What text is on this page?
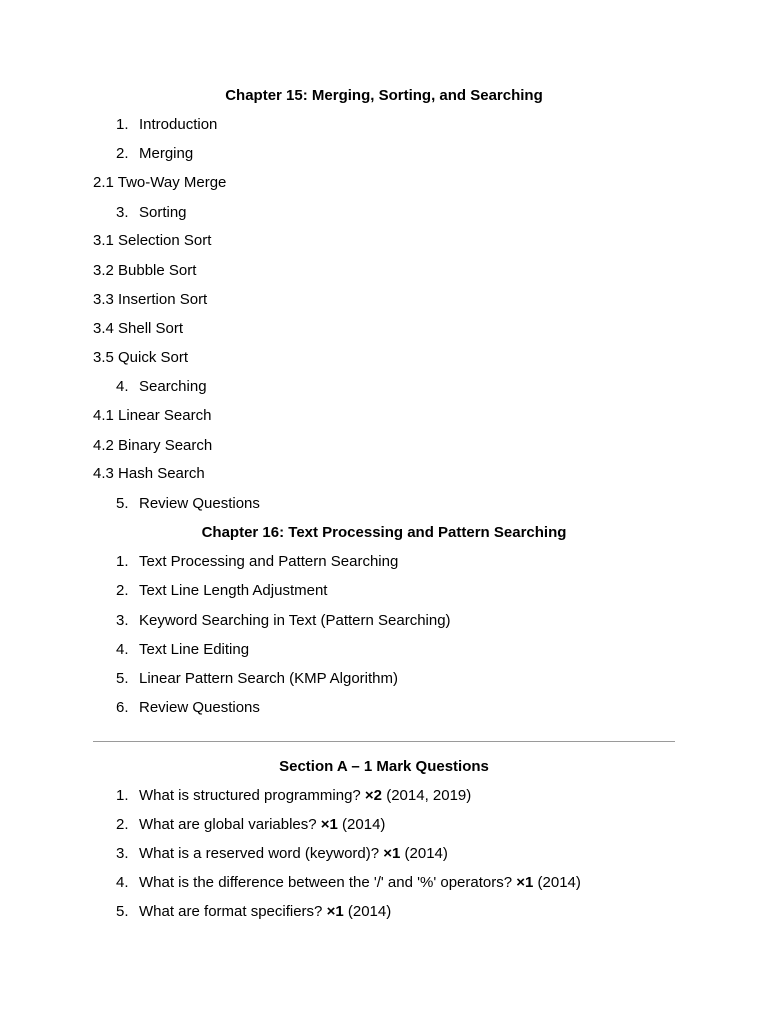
Chapter 15: Merging, Sorting, and Searching
1. Introduction
2. Merging
2.1 Two-Way Merge
3. Sorting
3.1 Selection Sort
3.2 Bubble Sort
3.3 Insertion Sort
3.4 Shell Sort
3.5 Quick Sort
4. Searching
4.1 Linear Search
4.2 Binary Search
4.3 Hash Search
5. Review Questions
Chapter 16: Text Processing and Pattern Searching
1. Text Processing and Pattern Searching
2. Text Line Length Adjustment
3. Keyword Searching in Text (Pattern Searching)
4. Text Line Editing
5. Linear Pattern Search (KMP Algorithm)
6. Review Questions
Section A – 1 Mark Questions
1. What is structured programming? ×2 (2014, 2019)
2. What are global variables? ×1 (2014)
3. What is a reserved word (keyword)? ×1 (2014)
4. What is the difference between the '/' and '%' operators? ×1 (2014)
5. What are format specifiers? ×1 (2014)
